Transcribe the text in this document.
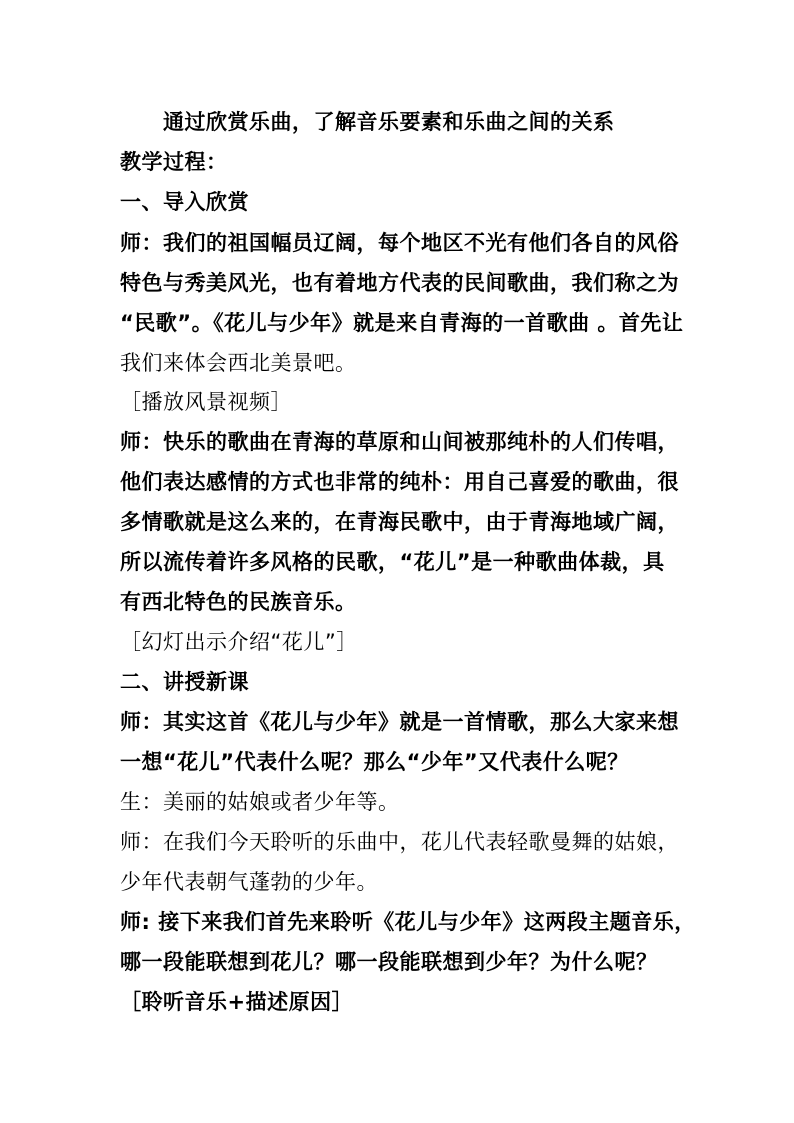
通过欣赏乐曲，了解音乐要素和乐曲之间的关系
教学过程：
一、导入欣赏
师：我们的祖国幅员辽阔，每个地区不光有他们各自的风俗
特色与秀美风光，也有着地方代表的民间歌曲，我们称之为
“民歌”。《花儿与少年》就是来自青海的一首歌曲 。首先让
我们来体会西北美景吧。
［播放风景视频］
师：快乐的歌曲在青海的草原和山间被那纯朴的人们传唱，
他们表达感情的方式也非常的纯朴：用自己喜爱的歌曲，很
多情歌就是这么来的，在青海民歌中，由于青海地域广阔，
所以流传着许多风格的民歌，“花儿”是一种歌曲体裁，具
有西北特色的民族音乐。
［幻灯出示介绍“花儿”］
二、讲授新课
师：其实这首《花儿与少年》就是一首情歌，那么大家来想
一想“花儿”代表什么呢？那么“少年”又代表什么呢？
生：美丽的姑娘或者少年等。
师：在我们今天聆听的乐曲中，花儿代表轻歌曼舞的姑娘，
少年代表朝气蓬勃的少年。
师: 接下来我们首先来聆听《花儿与少年》这两段主题音乐，
哪一段能联想到花儿？哪一段能联想到少年？为什么呢？
［聆听音乐+描述原因］
